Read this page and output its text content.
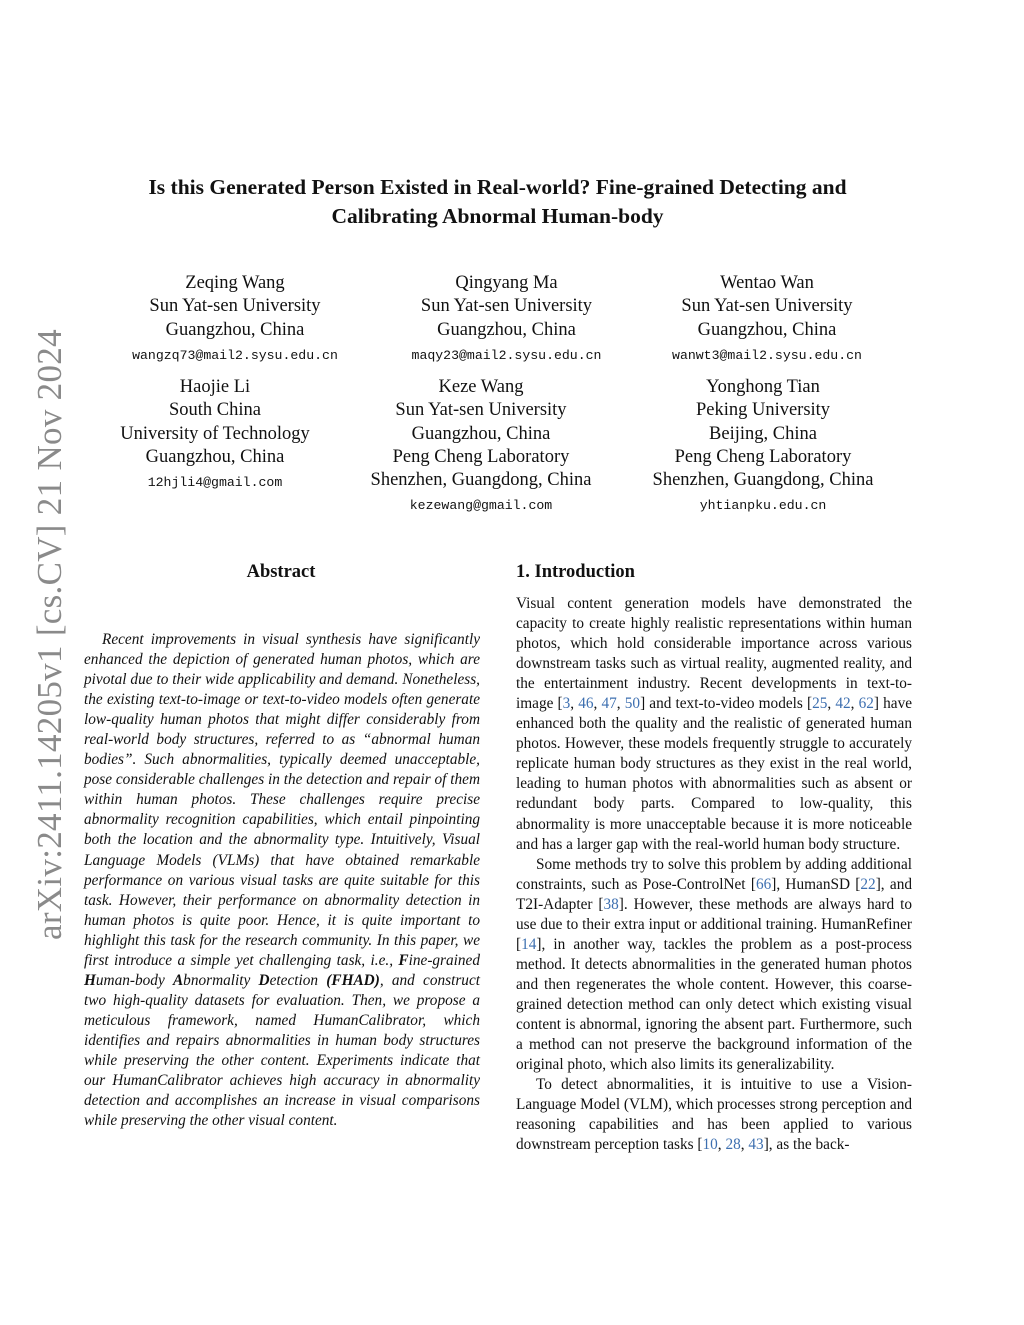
arXiv:2411.14205v1 [cs.CV] 21 Nov 2024
Is this Generated Person Existed in Real-world? Fine-grained Detecting and Calibrating Abnormal Human-body
Zeqing Wang
Sun Yat-sen University
Guangzhou, China
wangzq73@mail2.sysu.edu.cn
Qingyang Ma
Sun Yat-sen University
Guangzhou, China
maqy23@mail2.sysu.edu.cn
Wentao Wan
Sun Yat-sen University
Guangzhou, China
wanwt3@mail2.sysu.edu.cn
Haojie Li
South China
University of Technology
Guangzhou, China
12hjli4@gmail.com
Keze Wang
Sun Yat-sen University
Guangzhou, China
Peng Cheng Laboratory
Shenzhen, Guangdong, China
kezewang@gmail.com
Yonghong Tian
Peking University
Beijing, China
Peng Cheng Laboratory
Shenzhen, Guangdong, China
yhtianpku.edu.cn
Abstract
Recent improvements in visual synthesis have significantly enhanced the depiction of generated human photos, which are pivotal due to their wide applicability and demand. Nonetheless, the existing text-to-image or text-to-video models often generate low-quality human photos that might differ considerably from real-world body structures, referred to as “abnormal human bodies”. Such abnormalities, typically deemed unacceptable, pose considerable challenges in the detection and repair of them within human photos. These challenges require precise abnormality recognition capabilities, which entail pinpointing both the location and the abnormality type. Intuitively, Visual Language Models (VLMs) that have obtained remarkable performance on various visual tasks are quite suitable for this task. However, their performance on abnormality detection in human photos is quite poor. Hence, it is quite important to highlight this task for the research community. In this paper, we first introduce a simple yet challenging task, i.e., Fine-grained Human-body Abnormality Detection (FHAD), and construct two high-quality datasets for evaluation. Then, we propose a meticulous framework, named HumanCalibrator, which identifies and repairs abnormalities in human body structures while preserving the other content. Experiments indicate that our HumanCalibrator achieves high accuracy in abnormality detection and accomplishes an increase in visual comparisons while preserving the other visual content.
1. Introduction

Visual content generation models have demonstrated the capacity to create highly realistic representations within human photos, which hold considerable importance across various downstream tasks such as virtual reality, augmented reality, and the entertainment industry. Recent developments in text-to-image [3, 46, 47, 50] and text-to-video models [25, 42, 62] have enhanced both the quality and the realistic of generated human photos. However, these models frequently struggle to accurately replicate human body structures as they exist in the real world, leading to human photos with abnormalities such as absent or redundant body parts. Compared to low-quality, this abnormality is more unacceptable because it is more noticeable and has a larger gap with the real-world human body structure.

Some methods try to solve this problem by adding additional constraints, such as Pose-ControlNet [66], HumanSD [22], and T2I-Adapter [38]. However, these methods are always hard to use due to their extra input or additional training. HumanRefiner [14], in another way, tackles the problem as a post-process method. It detects abnormalities in the generated human photos and then regenerates the whole content. However, this coarse-grained detection method can only detect which existing visual content is abnormal, ignoring the absent part. Furthermore, such a method can not preserve the background information of the original photo, which also limits its generalizability.

To detect abnormalities, it is intuitive to use a Vision-Language Model (VLM), which processes strong perception and reasoning capabilities and has been applied to various downstream perception tasks [10, 28, 43], as the back-
